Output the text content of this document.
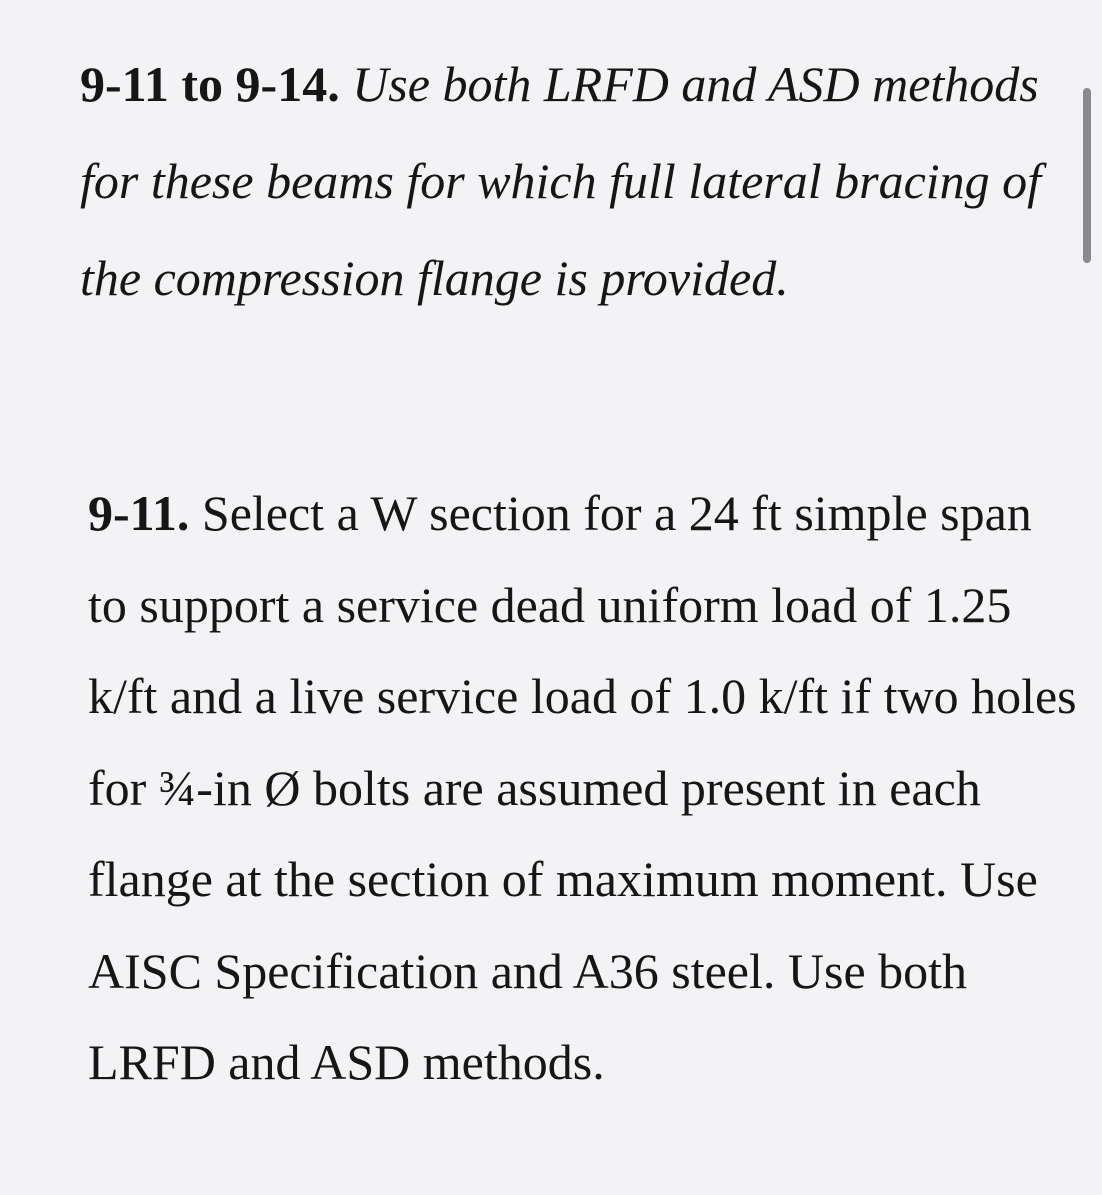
9-11 to 9-14. Use both LRFD and ASD methods for these beams for which full lateral bracing of the compression flange is provided.

9-11. Select a W section for a 24 ft simple span to support a service dead uniform load of 1.25 k/ft and a live service load of 1.0 k/ft if two holes for ¾-in Ø bolts are assumed present in each flange at the section of maximum moment. Use AISC Specification and A36 steel. Use both LRFD and ASD methods.
